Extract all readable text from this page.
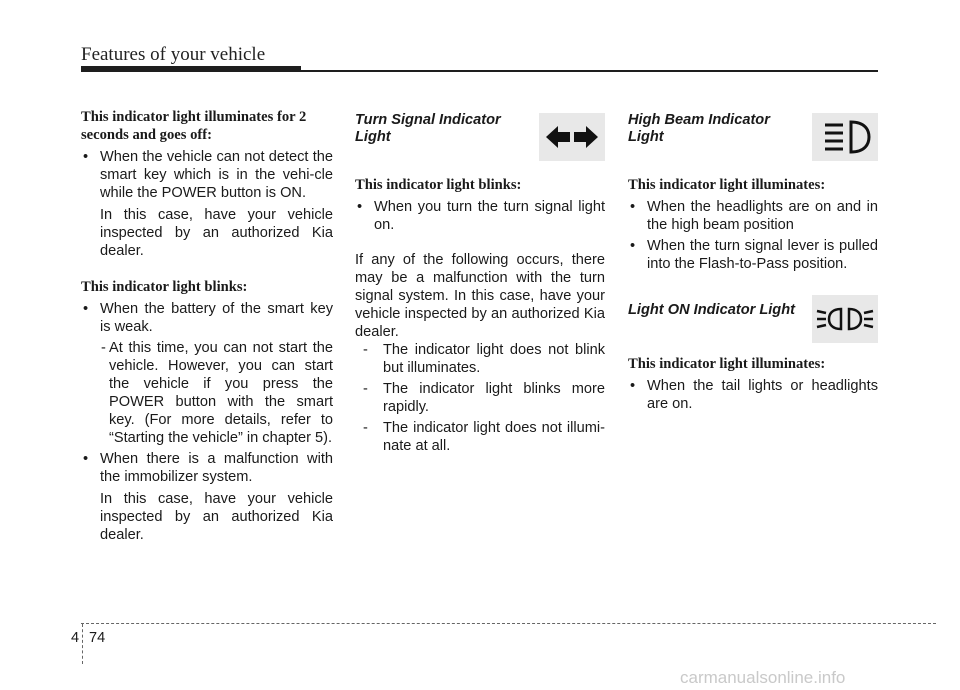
Features of your vehicle

This indicator light illuminates for 2 seconds and goes off:

• When the vehicle can not detect the smart key which is in the vehi-cle while the POWER button is ON.

In this case, have your vehicle inspected by an authorized Kia dealer.

This indicator light blinks:

• When the battery of the smart key is weak.
- At this time, you can not start the vehicle. However, you can start the vehicle if you press the POWER button with the smart key. (For more details, refer to “Starting the vehicle” in chapter 5).
• When there is a malfunction with the immobilizer system.

In this case, have your vehicle inspected by an authorized Kia dealer.

Turn Signal Indicator Light

This indicator light blinks:

• When you turn the turn signal light on.

If any of the following occurs, there may be a malfunction with the turn signal system. In this case, have your vehicle inspected by an authorized Kia dealer.

- The indicator light does not blink but illuminates.
- The indicator light blinks more rapidly.
- The indicator light does not illumi-nate at all.

High Beam Indicator Light

This indicator light illuminates:

• When the headlights are on and in the high beam position
• When the turn signal lever is pulled into the Flash-to-Pass position.

Light ON Indicator Light

This indicator light illuminates:

• When the tail lights or headlights are on.
4 74
carmanualsonline.info
